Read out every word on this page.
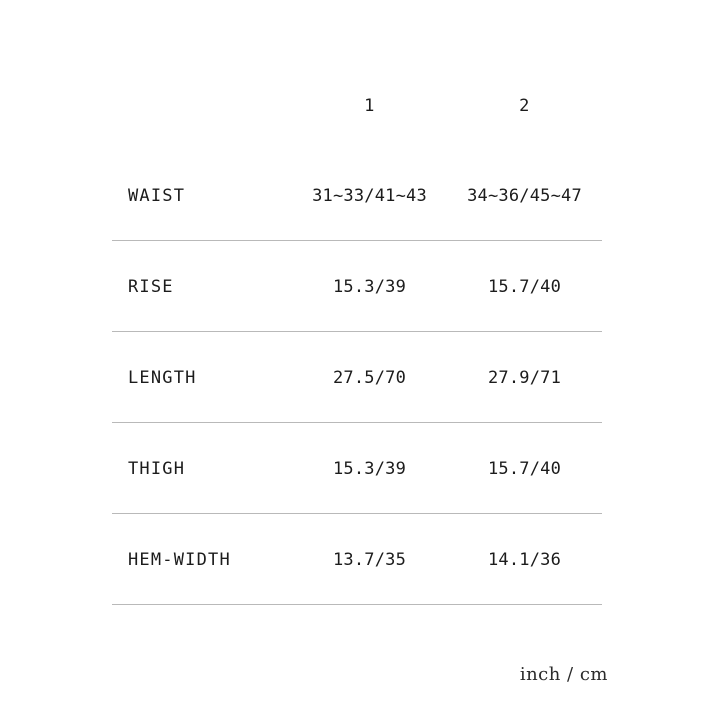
	1	2
WAIST	31~33/41~43	34~36/45~47
RISE	15.3/39	15.7/40
LENGTH	27.5/70	27.9/71
THIGH	15.3/39	15.7/40
HEM-WIDTH	13.7/35	14.1/36
inch / cm
